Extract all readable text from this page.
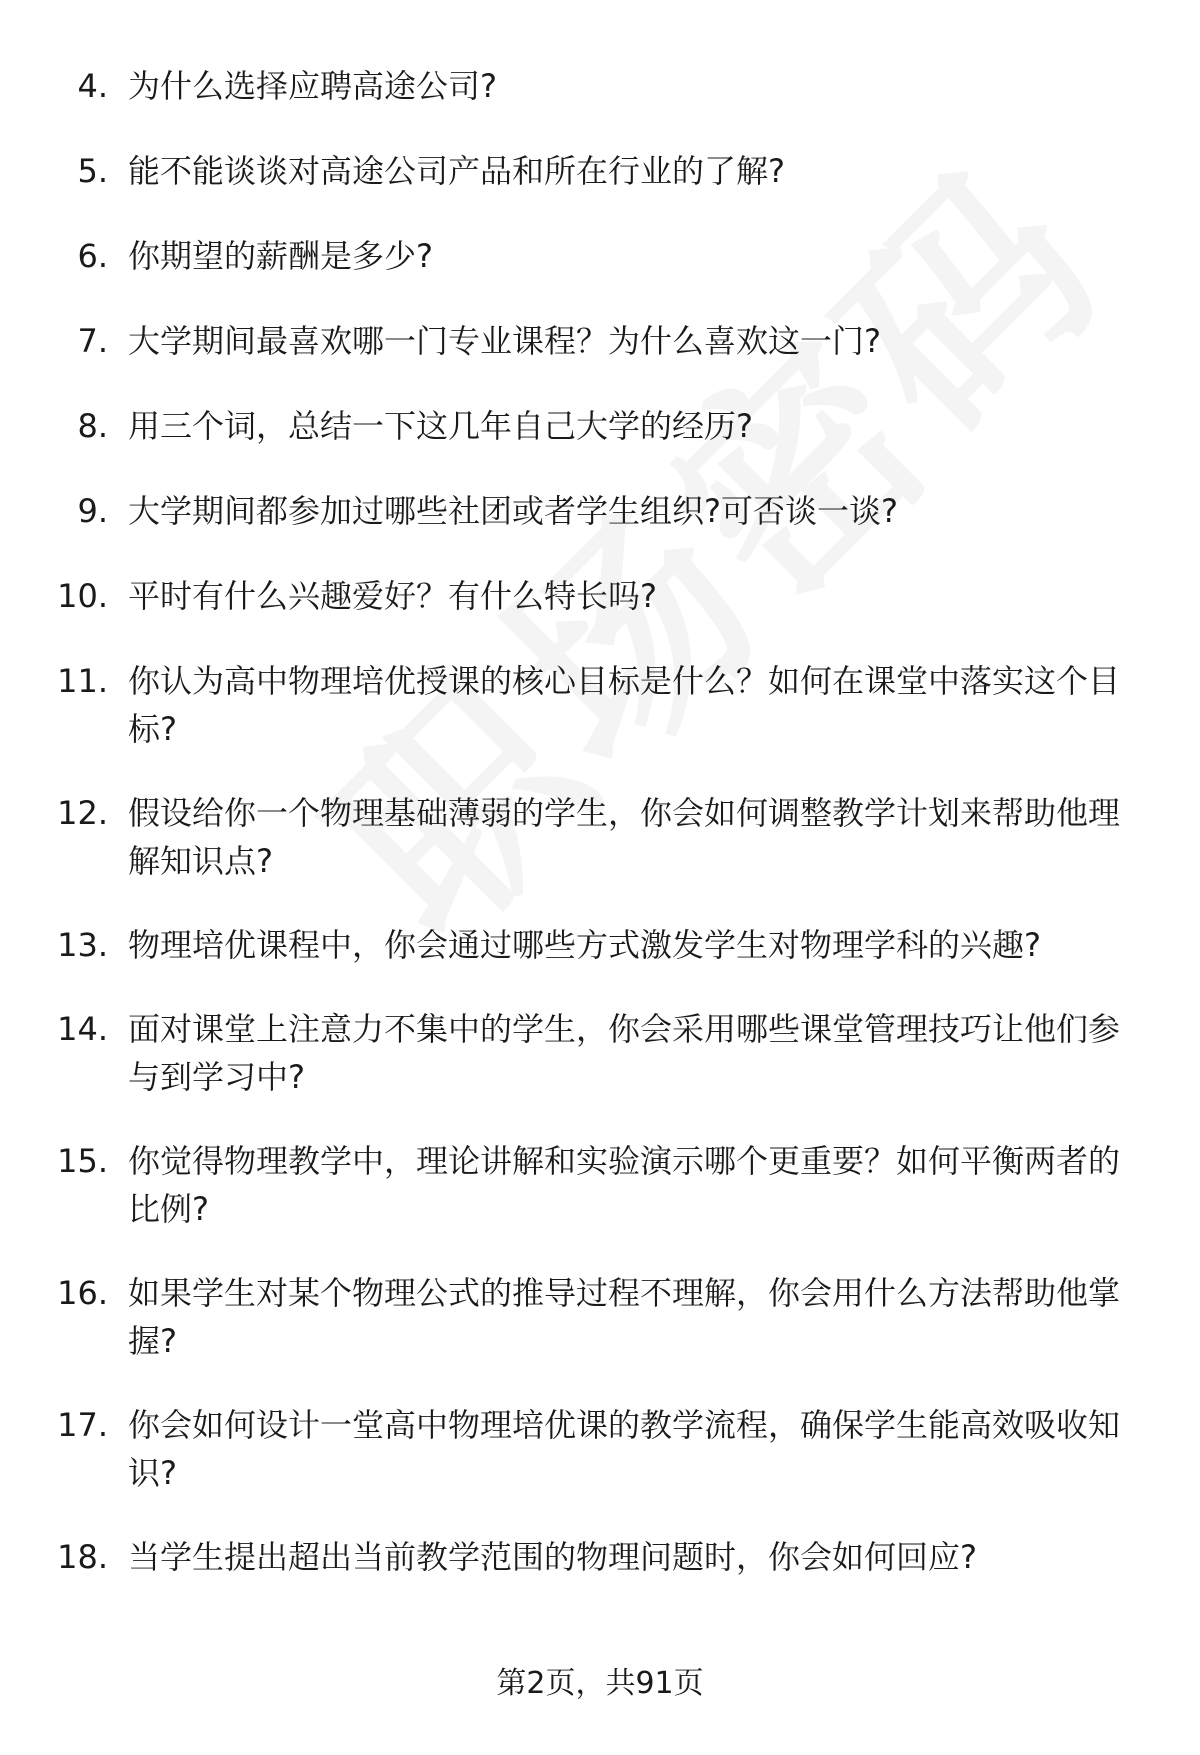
4. 为什么选择应聘高途公司?
5. 能不能谈谈对高途公司产品和所在行业的了解?
6. 你期望的薪酬是多少?
7. 大学期间最喜欢哪一门专业课程？为什么喜欢这一门?
8. 用三个词，总结一下这几年自己大学的经历?
9. 大学期间都参加过哪些社团或者学生组织?可否谈一谈?
10. 平时有什么兴趣爱好？有什么特长吗?
11. 你认为高中物理培优授课的核心目标是什么？如何在课堂中落实这个目标?
12. 假设给你一个物理基础薄弱的学生，你会如何调整教学计划来帮助他理解知识点?
13. 物理培优课程中，你会通过哪些方式激发学生对物理学科的兴趣?
14. 面对课堂上注意力不集中的学生，你会采用哪些课堂管理技巧让他们参与到学习中?
15. 你觉得物理教学中，理论讲解和实验演示哪个更重要？如何平衡两者的比例?
16. 如果学生对某个物理公式的推导过程不理解，你会用什么方法帮助他掌握?
17. 你会如何设计一堂高中物理培优课的教学流程，确保学生能高效吸收知识?
18. 当学生提出超出当前教学范围的物理问题时，你会如何回应?
第2页，共91页
